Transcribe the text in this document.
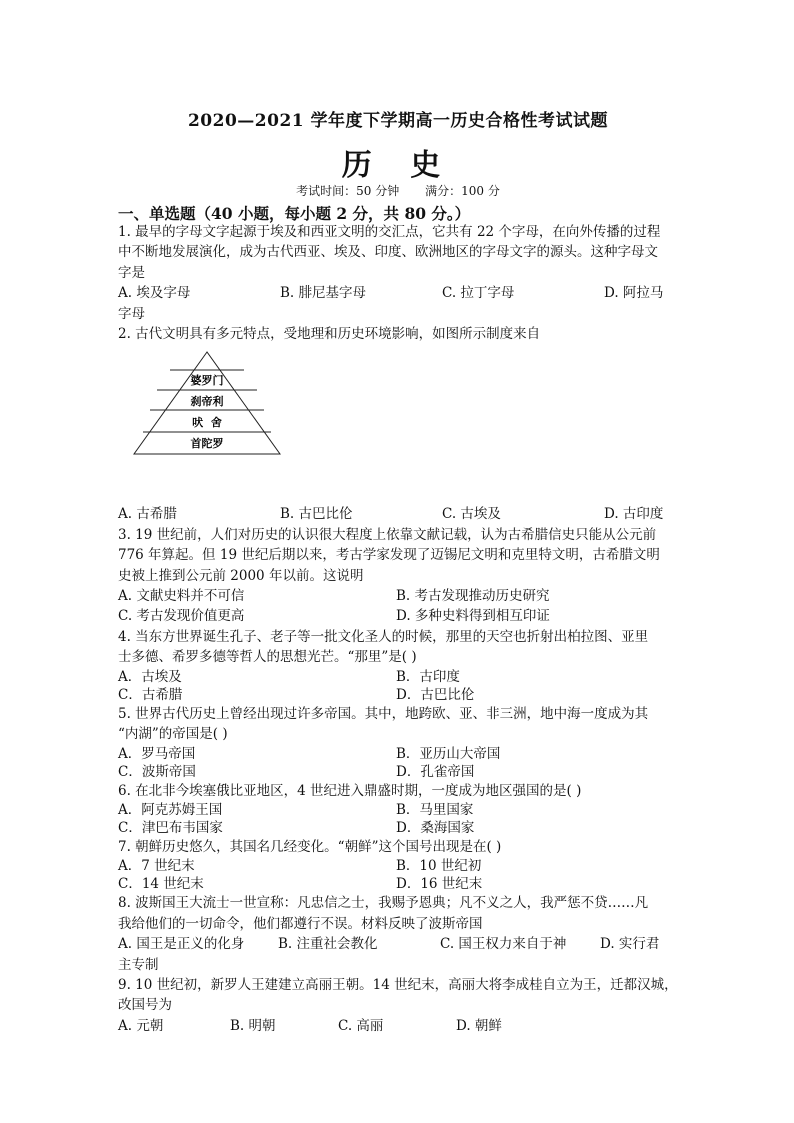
2020—2021 学年度下学期高一历史合格性考试试题
历 史
考试时间：50 分钟 满分：100 分
一、单选题（40 小题，每小题 2 分，共 80 分。）
1. 最早的字母文字起源于埃及和西亚文明的交汇点，它共有 22 个字母，在向外传播的过程
中不断地发展演化，成为古代西亚、埃及、印度、欧洲地区的字母文字的源头。这种字母文
字是
A. 埃及字母	B. 腓尼基字母	C. 拉丁字母	D. 阿拉马
字母
2. 古代文明具有多元特点，受地理和历史环境影响，如图所示制度来自
婆罗门
刹帝利
吠  舍
首陀罗
A. 古希腊	B. 古巴比伦	C. 古埃及	D. 古印度
3. 19 世纪前，人们对历史的认识很大程度上依靠文献记载，认为古希腊信史只能从公元前
776 年算起。但 19 世纪后期以来，考古学家发现了迈锡尼文明和克里特文明，古希腊文明
史被上推到公元前 2000 年以前。这说明
A. 文献史料并不可信	B. 考古发现推动历史研究
C. 考古发现价值更高	D. 多种史料得到相互印证
4. 当东方世界诞生孔子、老子等一批文化圣人的时候，那里的天空也折射出柏拉图、亚里
士多德、希罗多德等哲人的思想光芒。“那里”是( )
A．古埃及	B．古印度
C．古希腊	D．古巴比伦
5. 世界古代历史上曾经出现过许多帝国。其中，地跨欧、亚、非三洲，地中海一度成为其
“内湖”的帝国是( )
A．罗马帝国	B．亚历山大帝国
C．波斯帝国	D．孔雀帝国
6. 在北非今埃塞俄比亚地区，4 世纪进入鼎盛时期，一度成为地区强国的是( )
A．阿克苏姆王国	B．马里国家
C．津巴布韦国家	D．桑海国家
7. 朝鲜历史悠久，其国名几经变化。“朝鲜”这个国号出现是在( )
A．7 世纪末	B．10 世纪初
C．14 世纪末	D．16 世纪末
8. 波斯国王大流士一世宣称：凡忠信之士，我赐予恩典；凡不义之人，我严惩不贷……凡
我给他们的一切命令，他们都遵行不误。材料反映了波斯帝国
A. 国王是正义的化身	B. 注重社会教化	C. 国王权力来自于神	D. 实行君
主专制
9. 10 世纪初，新罗人王建建立高丽王朝。14 世纪末，高丽大将李成桂自立为王，迁都汉城，
改国号为
A. 元朝	B. 明朝	C. 高丽	D. 朝鲜
